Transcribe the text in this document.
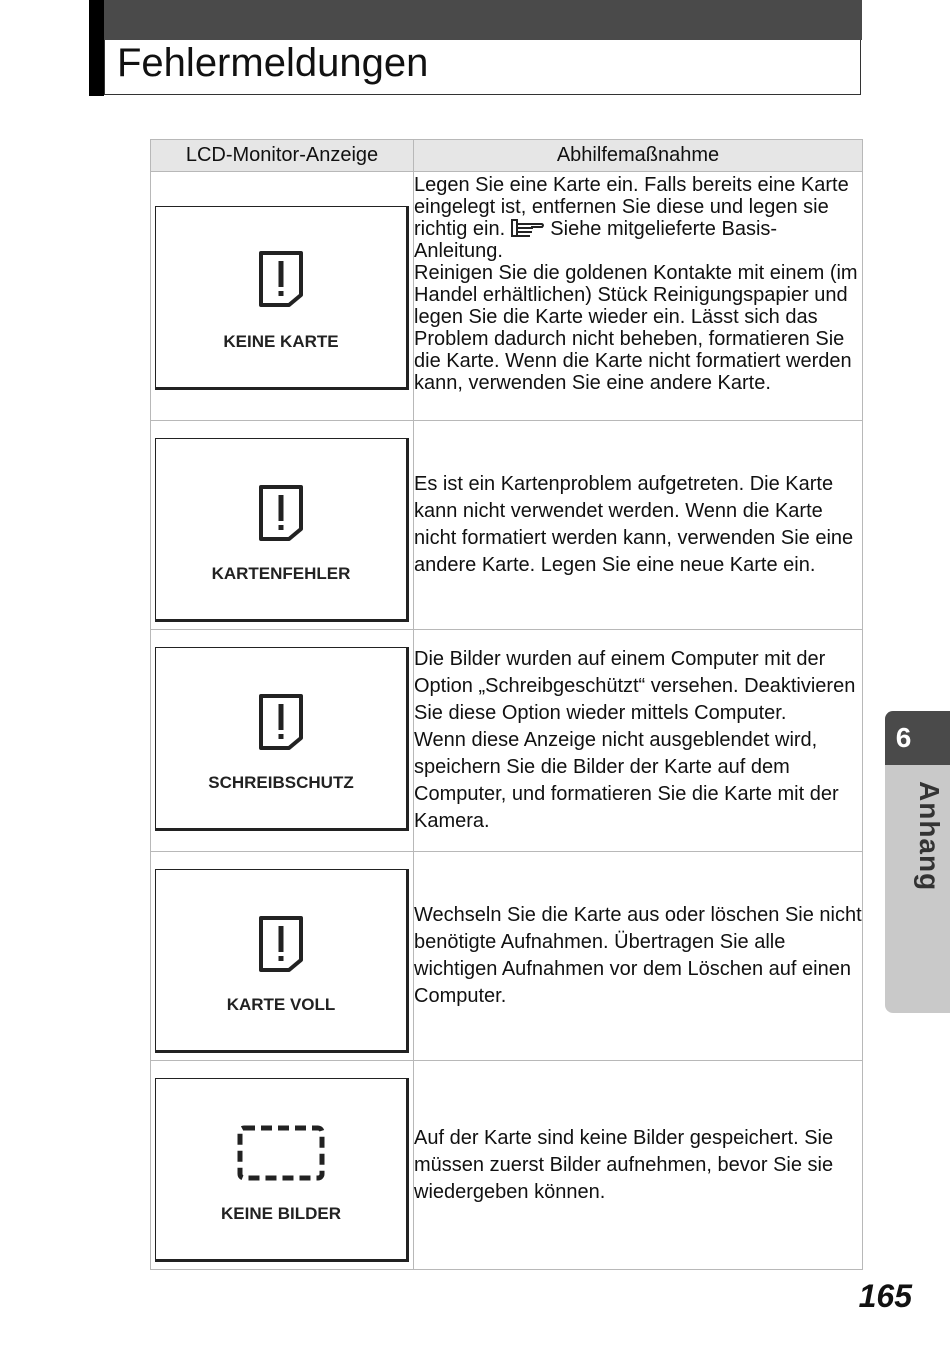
Fehlermeldungen
LCD-Monitor-Anzeige	Abhilfemaßnahme

KEINE KARTE	Legen Sie eine Karte ein. Falls bereits eine Karte eingelegt ist, entfernen Sie diese und legen sie richtig ein. Siehe mitgelieferte Basis-Anleitung.
Reinigen Sie die goldenen Kontakte mit einem (im Handel erhältlichen) Stück Reinigungspapier und legen Sie die Karte wieder ein. Lässt sich das Problem dadurch nicht beheben, formatieren Sie die Karte. Wenn die Karte nicht formatiert werden kann, verwenden Sie eine andere Karte.

KARTENFEHLER	Es ist ein Kartenproblem aufgetreten. Die Karte kann nicht verwendet werden. Wenn die Karte nicht formatiert werden kann, verwenden Sie eine andere Karte. Legen Sie eine neue Karte ein.

SCHREIBSCHUTZ	Die Bilder wurden auf einem Computer mit der Option „Schreibgeschützt“ versehen. Deaktivieren Sie diese Option wieder mittels Computer.
Wenn diese Anzeige nicht ausgeblendet wird, speichern Sie die Bilder der Karte auf dem Computer, und formatieren Sie die Karte mit der Kamera.

KARTE VOLL	Wechseln Sie die Karte aus oder löschen Sie nicht benötigte Aufnahmen. Übertragen Sie alle wichtigen Aufnahmen vor dem Löschen auf einen Computer.

KEINE BILDER	Auf der Karte sind keine Bilder gespeichert. Sie müssen zuerst Bilder aufnehmen, bevor Sie sie wiedergeben können.
6
Anhang
165
